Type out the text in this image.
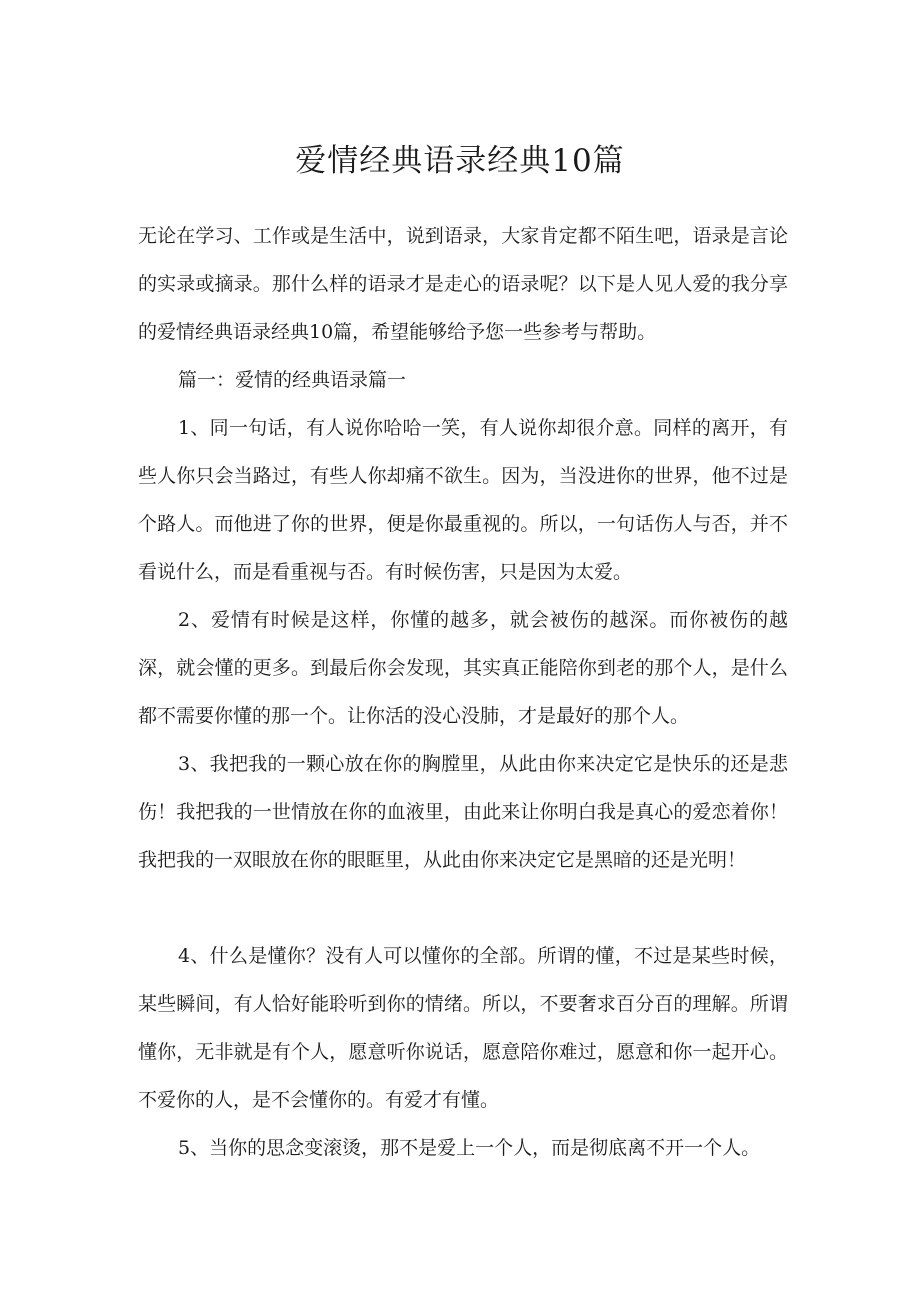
爱情经典语录经典10篇

无论在学习、工作或是生活中，说到语录，大家肯定都不陌生吧，语录是言论的实录或摘录。那什么样的语录才是走心的语录呢？以下是人见人爱的我分享的爱情经典语录经典10篇，希望能够给予您一些参考与帮助。

篇一：爱情的经典语录篇一

1、同一句话，有人说你哈哈一笑，有人说你却很介意。同样的离开，有些人你只会当路过，有些人你却痛不欲生。因为，当没进你的世界，他不过是个路人。而他进了你的世界，便是你最重视的。所以，一句话伤人与否，并不看说什么，而是看重视与否。有时候伤害，只是因为太爱。

2、爱情有时候是这样，你懂的越多，就会被伤的越深。而你被伤的越深，就会懂的更多。到最后你会发现，其实真正能陪你到老的那个人，是什么都不需要你懂的那一个。让你活的没心没肺，才是最好的那个人。

3、我把我的一颗心放在你的胸膛里，从此由你来决定它是快乐的还是悲伤！我把我的一世情放在你的血液里，由此来让你明白我是真心的爱恋着你！我把我的一双眼放在你的眼眶里，从此由你来决定它是黑暗的还是光明！

4、什么是懂你？没有人可以懂你的全部。所谓的懂，不过是某些时候，某些瞬间，有人恰好能聆听到你的情绪。所以，不要奢求百分百的理解。所谓懂你，无非就是有个人，愿意听你说话，愿意陪你难过，愿意和你一起开心。不爱你的人，是不会懂你的。有爱才有懂。

5、当你的思念变滚烫，那不是爱上一个人，而是彻底离不开一个人。
